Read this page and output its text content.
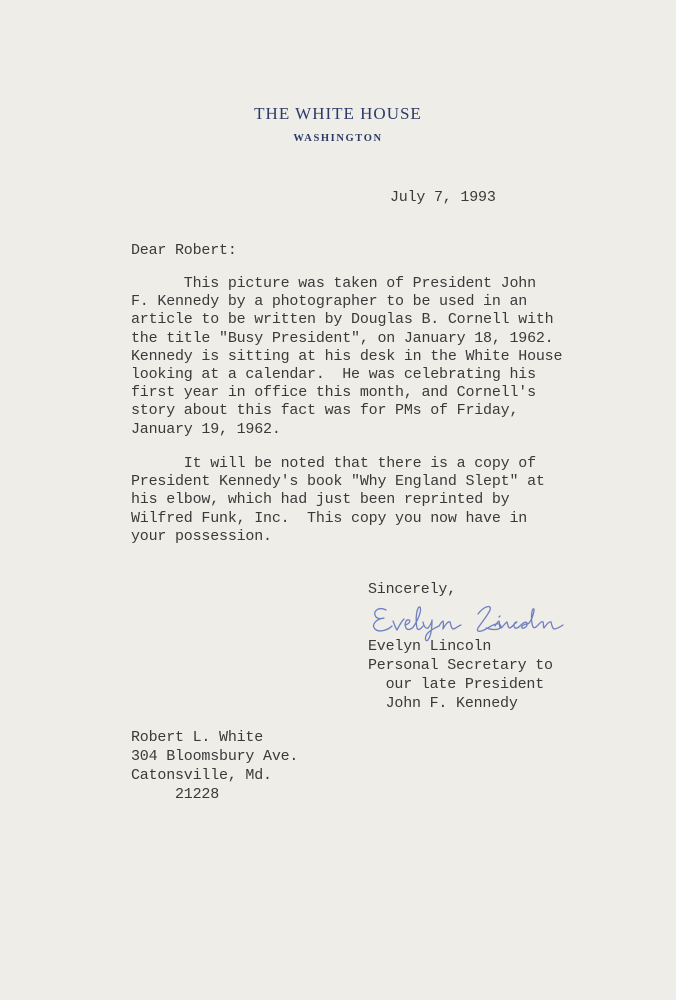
THE WHITE HOUSE
WASHINGTON
July 7, 1993
Dear Robert:
This picture was taken of President John
F. Kennedy by a photographer to be used in an
article to be written by Douglas B. Cornell with
the title "Busy President", on January 18, 1962.
Kennedy is sitting at his desk in the White House
looking at a calendar.  He was celebrating his
first year in office this month, and Cornell's
story about this fact was for PMs of Friday,
January 19, 1962.
It will be noted that there is a copy of
President Kennedy's book "Why England Slept" at
his elbow, which had just been reprinted by
Wilfred Funk, Inc.  This copy you now have in
your possession.
Sincerely,
Evelyn Lincoln
Personal Secretary to
our late President
John F. Kennedy
Robert L. White
304 Bloomsbury Ave.
Catonsville, Md.
21228
